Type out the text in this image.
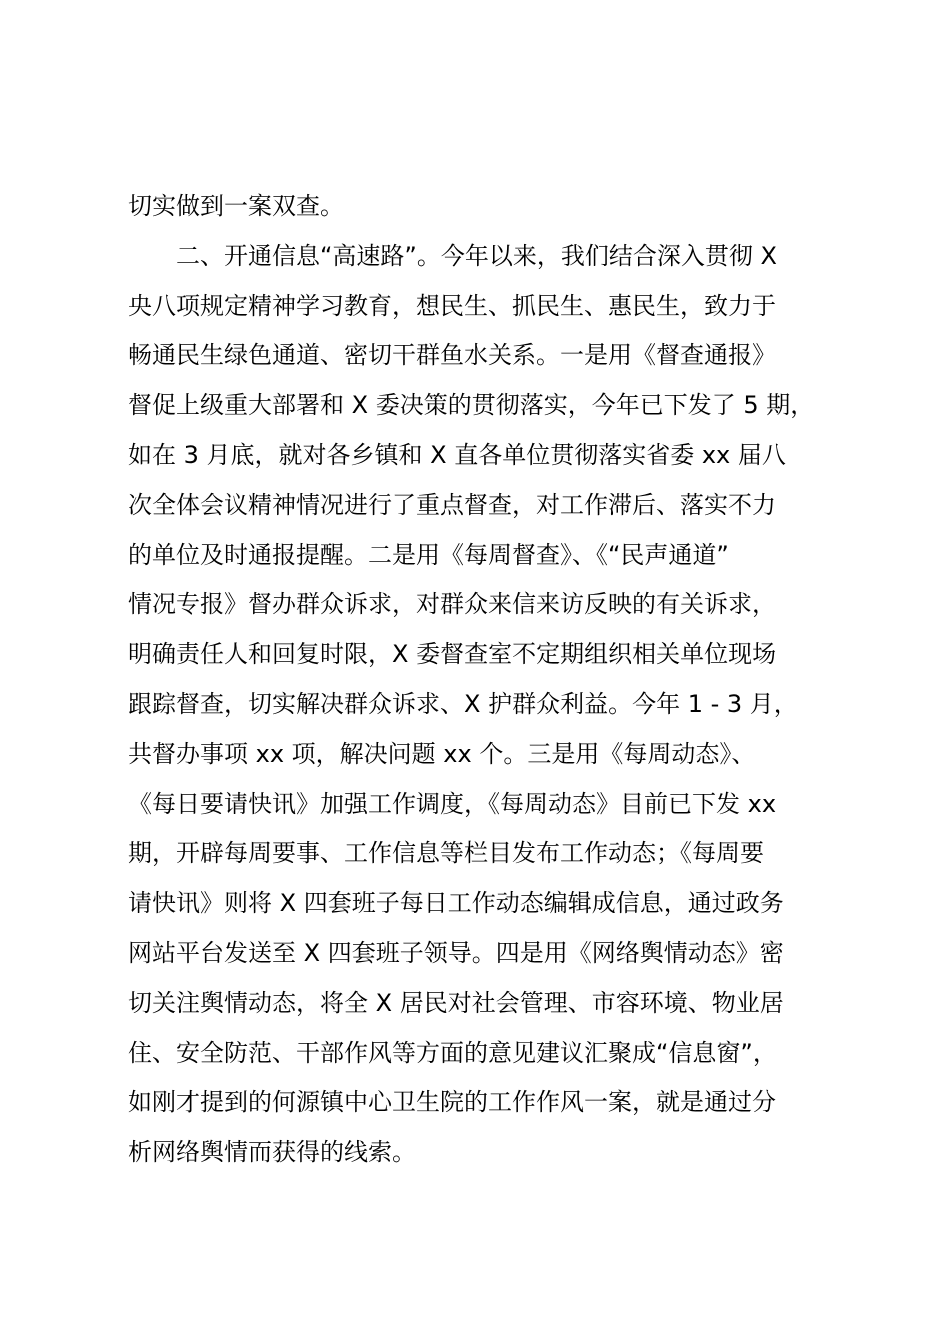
切实做到一案双查。
二、开通信息“高速路”。今年以来，我们结合深入贯彻 X
央八项规定精神学习教育，想民生、抓民生、惠民生，致力于
畅通民生绿色通道、密切干群鱼水关系。一是用《督查通报》
督促上级重大部署和 X 委决策的贯彻落实，今年已下发了 5 期，
如在 3 月底，就对各乡镇和 X 直各单位贯彻落实省委 xx 届八
次全体会议精神情况进行了重点督查，对工作滞后、落实不力
的单位及时通报提醒。二是用《每周督查》、《“民声通道”
情况专报》督办群众诉求，对群众来信来访反映的有关诉求，
明确责任人和回复时限，X 委督查室不定期组织相关单位现场
跟踪督查，切实解决群众诉求、X 护群众利益。今年 1 - 3 月，
共督办事项 xx 项，解决问题 xx 个。三是用《每周动态》、
《每日要请快讯》加强工作调度，《每周动态》目前已下发 xx
期，开辟每周要事、工作信息等栏目发布工作动态；《每周要
请快讯》则将 X 四套班子每日工作动态编辑成信息，通过政务
网站平台发送至 X 四套班子领导。四是用《网络舆情动态》密
切关注舆情动态，将全 X 居民对社会管理、市容环境、物业居
住、安全防范、干部作风等方面的意见建议汇聚成“信息窗”，
如刚才提到的何源镇中心卫生院的工作作风一案，就是通过分
析网络舆情而获得的线索。
